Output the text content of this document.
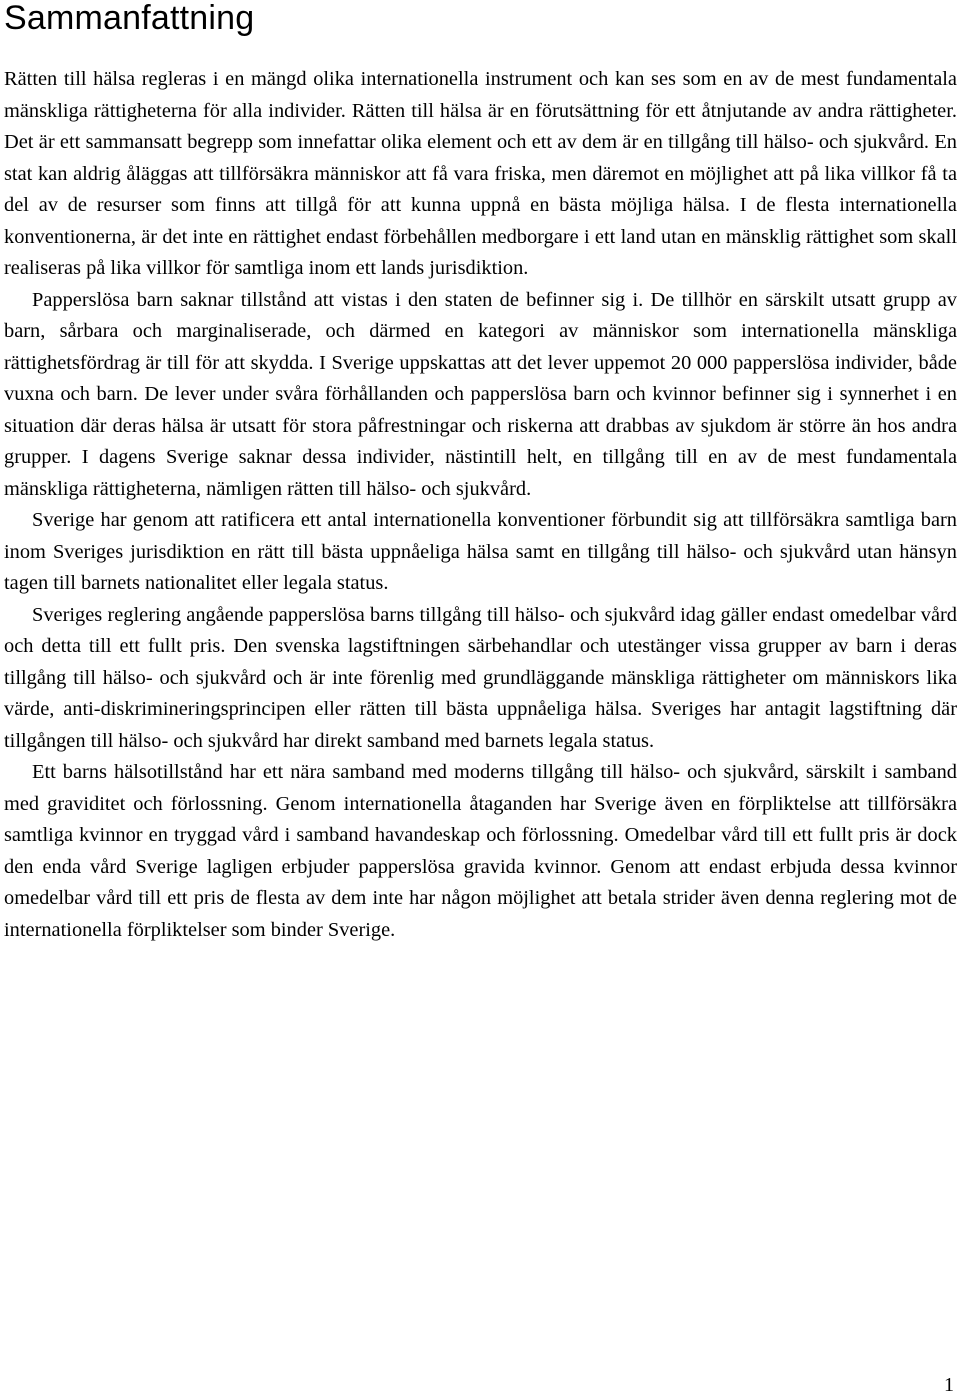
Sammanfattning

Rätten till hälsa regleras i en mängd olika internationella instrument och kan ses som en av de mest fundamentala mänskliga rättigheterna för alla individer. Rätten till hälsa är en förutsättning för ett åtnjutande av andra rättigheter. Det är ett sammansatt begrepp som innefattar olika element och ett av dem är en tillgång till hälso- och sjukvård. En stat kan aldrig åläggas att tillförsäkra människor att få vara friska, men däremot en möjlighet att på lika villkor få ta del av de resurser som finns att tillgå för att kunna uppnå en bästa möjliga hälsa. I de flesta internationella konventionerna, är det inte en rättighet endast förbehållen medborgare i ett land utan en mänsklig rättighet som skall realiseras på lika villkor för samtliga inom ett lands jurisdiktion.

Papperslösa barn saknar tillstånd att vistas i den staten de befinner sig i. De tillhör en särskilt utsatt grupp av barn, sårbara och marginaliserade, och därmed en kategori av människor som internationella mänskliga rättighetsfördrag är till för att skydda. I Sverige uppskattas att det lever uppemot 20 000 papperslösa individer, både vuxna och barn. De lever under svåra förhållanden och papperslösa barn och kvinnor befinner sig i synnerhet i en situation där deras hälsa är utsatt för stora påfrestningar och riskerna att drabbas av sjukdom är större än hos andra grupper. I dagens Sverige saknar dessa individer, nästintill helt, en tillgång till en av de mest fundamentala mänskliga rättigheterna, nämligen rätten till hälso- och sjukvård.

Sverige har genom att ratificera ett antal internationella konventioner förbundit sig att tillförsäkra samtliga barn inom Sveriges jurisdiktion en rätt till bästa uppnåeliga hälsa samt en tillgång till hälso- och sjukvård utan hänsyn tagen till barnets nationalitet eller legala status.

Sveriges reglering angående papperslösa barns tillgång till hälso- och sjukvård idag gäller endast omedelbar vård och detta till ett fullt pris. Den svenska lagstiftningen särbehandlar och utestänger vissa grupper av barn i deras tillgång till hälso- och sjukvård och är inte förenlig med grundläggande mänskliga rättigheter om människors lika värde, anti-diskrimineringsprincipen eller rätten till bästa uppnåeliga hälsa. Sveriges har antagit lagstiftning där tillgången till hälso- och sjukvård har direkt samband med barnets legala status.

Ett barns hälsotillstånd har ett nära samband med moderns tillgång till hälso- och sjukvård, särskilt i samband med graviditet och förlossning. Genom internationella åtaganden har Sverige även en förpliktelse att tillförsäkra samtliga kvinnor en tryggad vård i samband havandeskap och förlossning. Omedelbar vård till ett fullt pris är dock den enda vård Sverige lagligen erbjuder papperslösa gravida kvinnor. Genom att endast erbjuda dessa kvinnor omedelbar vård till ett pris de flesta av dem inte har någon möjlighet att betala strider även denna reglering mot de internationella förpliktelser som binder Sverige.

1
